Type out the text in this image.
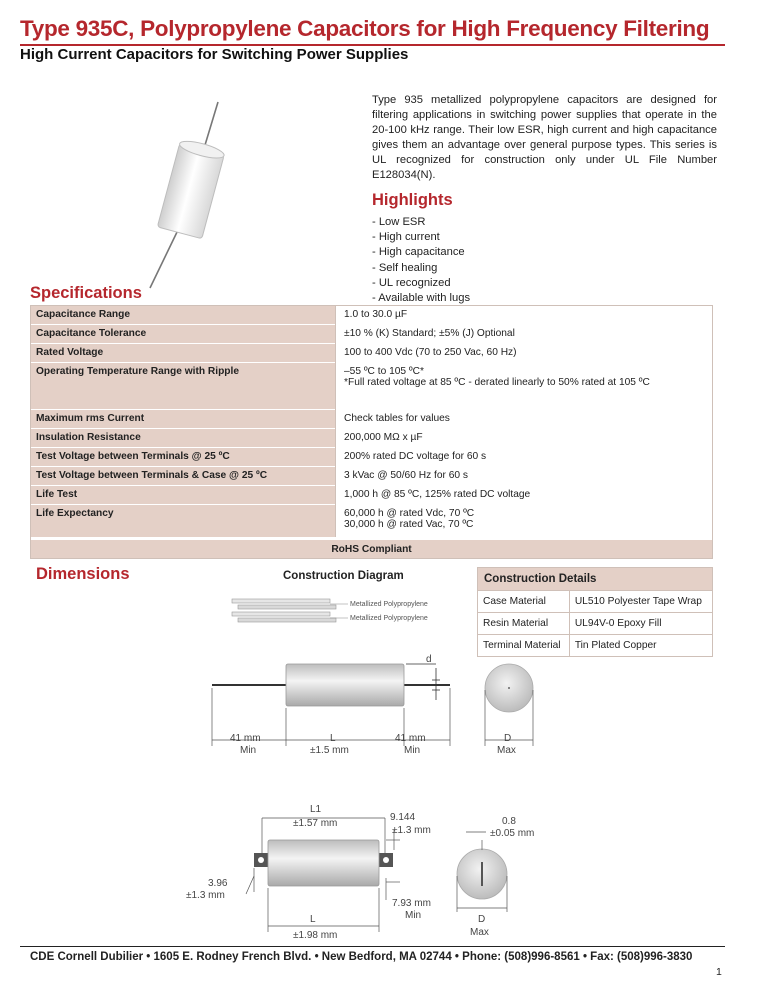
Type 935C, Polypropylene Capacitors for High Frequency Filtering
High Current Capacitors for Switching Power Supplies
Type 935 metallized polypropylene capacitors are designed for filtering applications in switching power supplies that operate in the 20-100 kHz range. Their low ESR, high current and high capacitance gives them an advantage over general purpose types. This series is UL recognized for construction only under UL File Number E128034(N).
Highlights
- Low ESR
- High current
- High capacitance
- Self healing
- UL recognized
- Available with lugs
Specifications
Capacitance Range	1.0 to 30.0 µF
Capacitance Tolerance	±10 % (K) Standard; ±5% (J) Optional
Rated Voltage	100 to 400 Vdc (70 to 250 Vac, 60 Hz)
Operating Temperature Range with Ripple	–55 ºC to 105 ºC*
*Full rated voltage at 85 ºC - derated linearly to 50% rated at 105 ºC

Maximum rms Current	Check tables for values
Insulation Resistance	200,000 MΩ x µF
Test Voltage between Terminals @ 25 ºC	200% rated DC voltage for 60 s
Test Voltage between Terminals & Case @ 25 ºC	3 kVac @ 50/60 Hz for 60 s
Life Test	1,000 h @ 85 ºC, 125% rated DC voltage
Life Expectancy	60,000 h @ rated Vdc, 70 ºC
30,000 h @ rated Vac, 70 ºC
RoHS Compliant
Dimensions	Construction Diagram
Metallized Polypropylene
Metallized Polypropylene
Construction Details	
Case Material	UL510 Polyester Tape Wrap
Resin Material	UL94V-0 Epoxy Fill
Terminal Material	Tin Plated Copper
d
41 mm
Min
L
±1.5 mm
41 mm
Min
D
Max
L1
±1.57 mm
9.144
±1.3 mm
3.96
±1.3 mm
L
±1.98 mm
7.93 mm
Min
0.8
±0.05 mm
D
Max
CDE Cornell Dubilier • 1605 E. Rodney French Blvd. • New Bedford, MA 02744 • Phone: (508)996-8561 • Fax: (508)996-3830
1
